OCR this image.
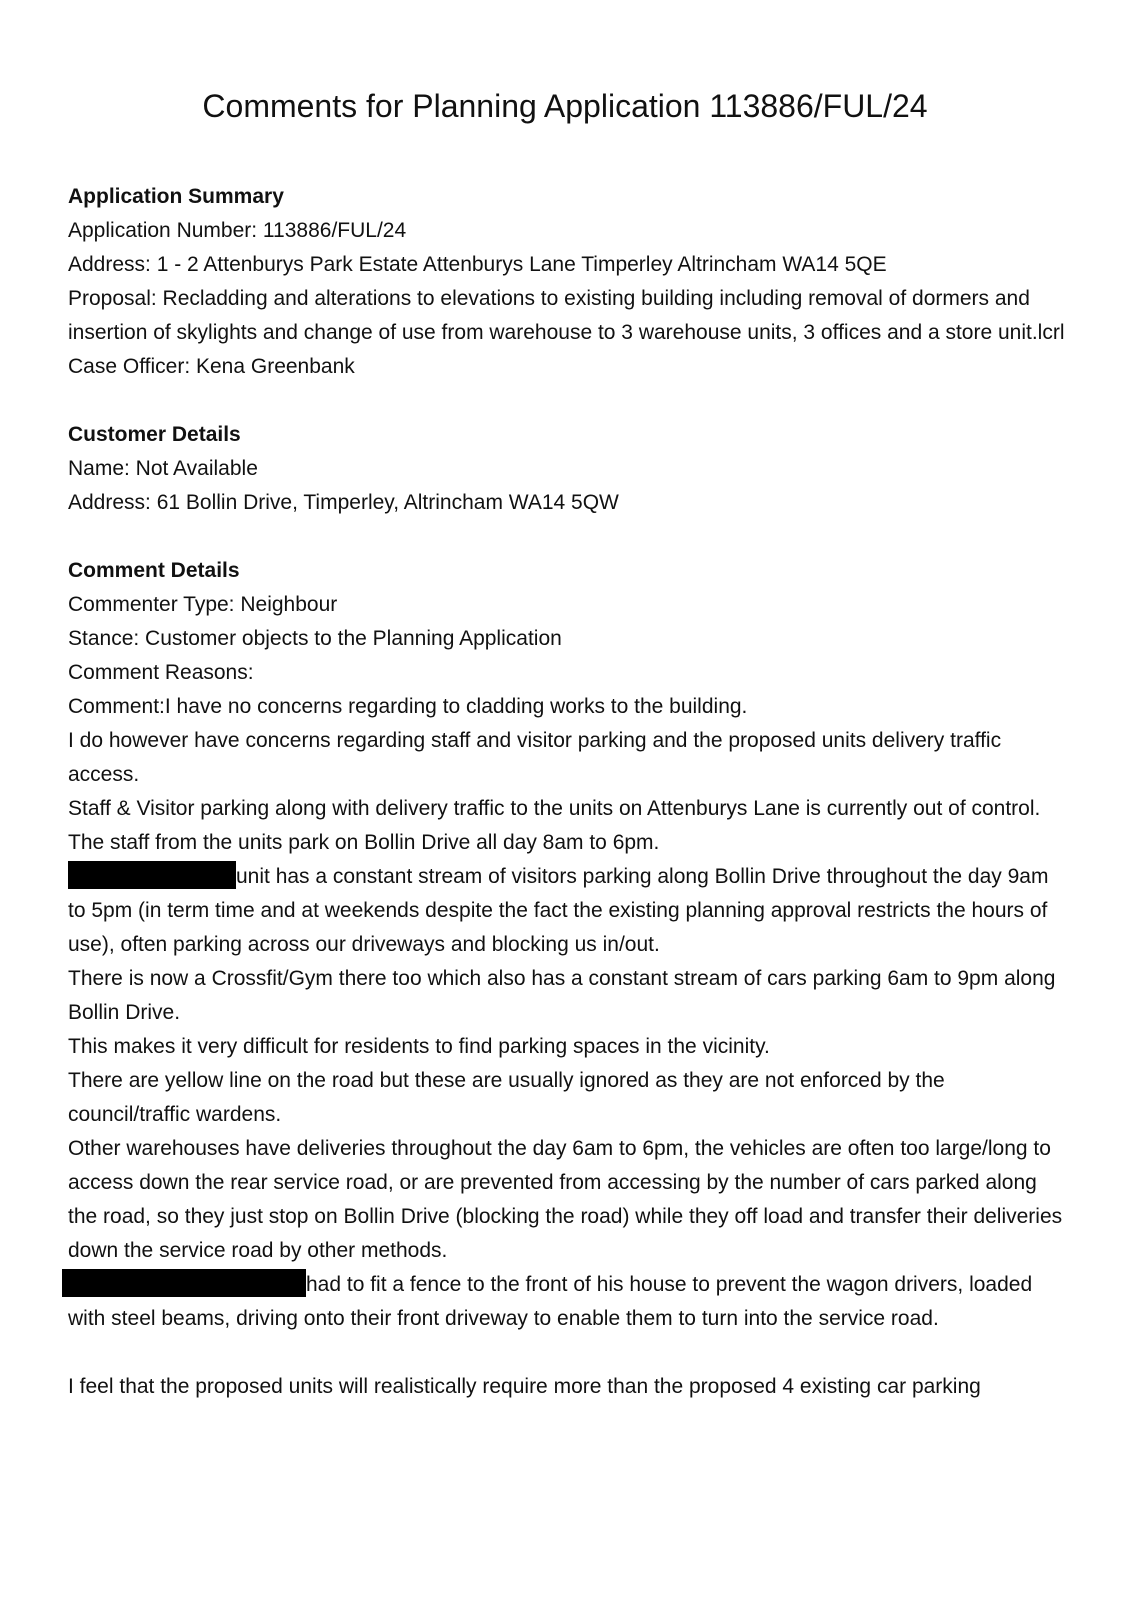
Comments for Planning Application 113886/FUL/24

Application Summary

Application Number: 113886/FUL/24

Address: 1 - 2 Attenburys Park Estate Attenburys Lane Timperley Altrincham WA14 5QE

Proposal: Recladding and alterations to elevations to existing building including removal of dormers and insertion of skylights and change of use from warehouse to 3 warehouse units, 3 offices and a store unit.lcrl

Case Officer: Kena Greenbank

Customer Details

Name: Not Available

Address: 61 Bollin Drive, Timperley, Altrincham WA14 5QW

Comment Details

Commenter Type: Neighbour

Stance: Customer objects to the Planning Application

Comment Reasons:

Comment:I have no concerns regarding to cladding works to the building.

I do however have concerns regarding staff and visitor parking and the proposed units delivery traffic access.

Staff & Visitor parking along with delivery traffic to the units on Attenburys Lane is currently out of control.

The staff from the units park on Bollin Drive all day 8am to 6pm.

unit has a constant stream of visitors parking along Bollin Drive throughout the day 9am to 5pm (in term time and at weekends despite the fact the existing planning approval restricts the hours of use), often parking across our driveways and blocking us in/out.

There is now a Crossfit/Gym there too which also has a constant stream of cars parking 6am to 9pm along Bollin Drive.

This makes it very difficult for residents to find parking spaces in the vicinity.

There are yellow line on the road but these are usually ignored as they are not enforced by the council/traffic wardens.

Other warehouses have deliveries throughout the day 6am to 6pm, the vehicles are often too large/long to access down the rear service road, or are prevented from accessing by the number of cars parked along the road, so they just stop on Bollin Drive (blocking the road) while they off load and transfer their deliveries down the service road by other methods.

had to fit a fence to the front of his house to prevent the wagon drivers, loaded with steel beams, driving onto their front driveway to enable them to turn into the service road.

I feel that the proposed units will realistically require more than the proposed 4 existing car parking
